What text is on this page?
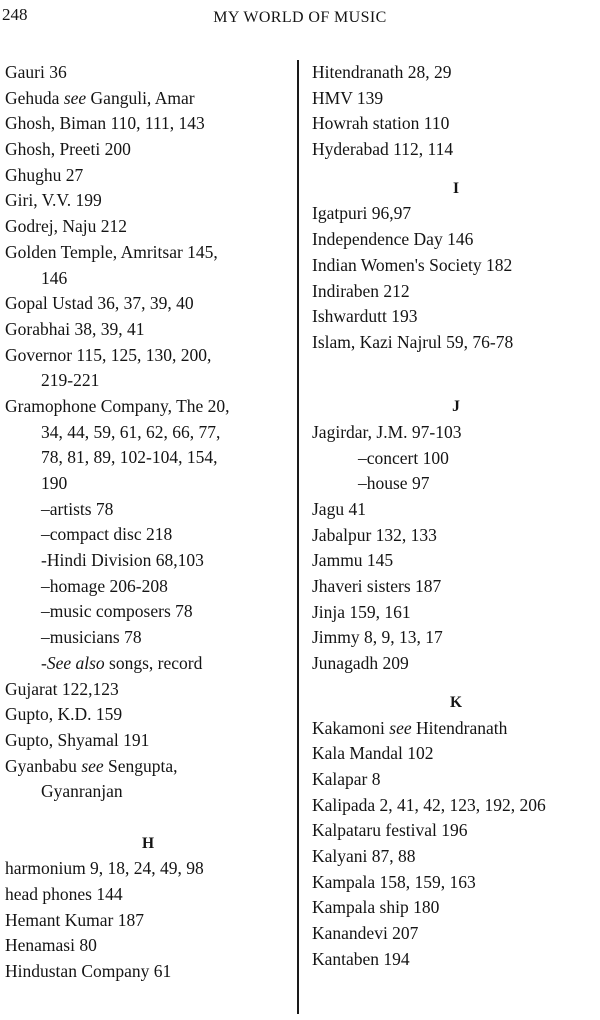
248	MY WORLD OF MUSIC
Gauri 36
Gehuda see Ganguli, Amar
Ghosh, Biman 110, 111, 143
Ghosh, Preeti 200
Ghughu 27
Giri, V.V. 199
Godrej, Naju 212
Golden Temple, Amritsar 145,
146
Gopal Ustad 36, 37, 39, 40
Gorabhai 38, 39, 41
Governor 115, 125, 130, 200,
219-221
Gramophone Company, The 20,
34, 44, 59, 61, 62, 66, 77,
78, 81, 89, 102-104, 154,
190
–artists 78
–compact disc 218
-Hindi Division 68,103
–homage 206-208
–music composers 78
–musicians 78
-See also songs, record
Gujarat 122,123
Gupto, K.D. 159
Gupto, Shyamal 191
Gyanbabu see Sengupta,
Gyanranjan
H
harmonium 9, 18, 24, 49, 98
head phones 144
Hemant Kumar 187
Henamasi 80
Hindustan Company 61
Hitendranath 28, 29
HMV 139
Howrah station 110
Hyderabad 112, 114
I
Igatpuri 96,97
Independence Day 146
Indian Women's Society 182
Indiraben 212
Ishwardutt 193
Islam, Kazi Najrul 59, 76-78
J
Jagirdar, J.M. 97-103
–concert 100
–house 97
Jagu 41
Jabalpur 132, 133
Jammu 145
Jhaveri sisters 187
Jinja 159, 161
Jimmy 8, 9, 13, 17
Junagadh 209
K
Kakamoni see Hitendranath
Kala Mandal 102
Kalapar 8
Kalipada 2, 41, 42, 123, 192, 206
Kalpataru festival 196
Kalyani 87, 88
Kampala 158, 159, 163
Kampala ship 180
Kanandevi 207
Kantaben 194
